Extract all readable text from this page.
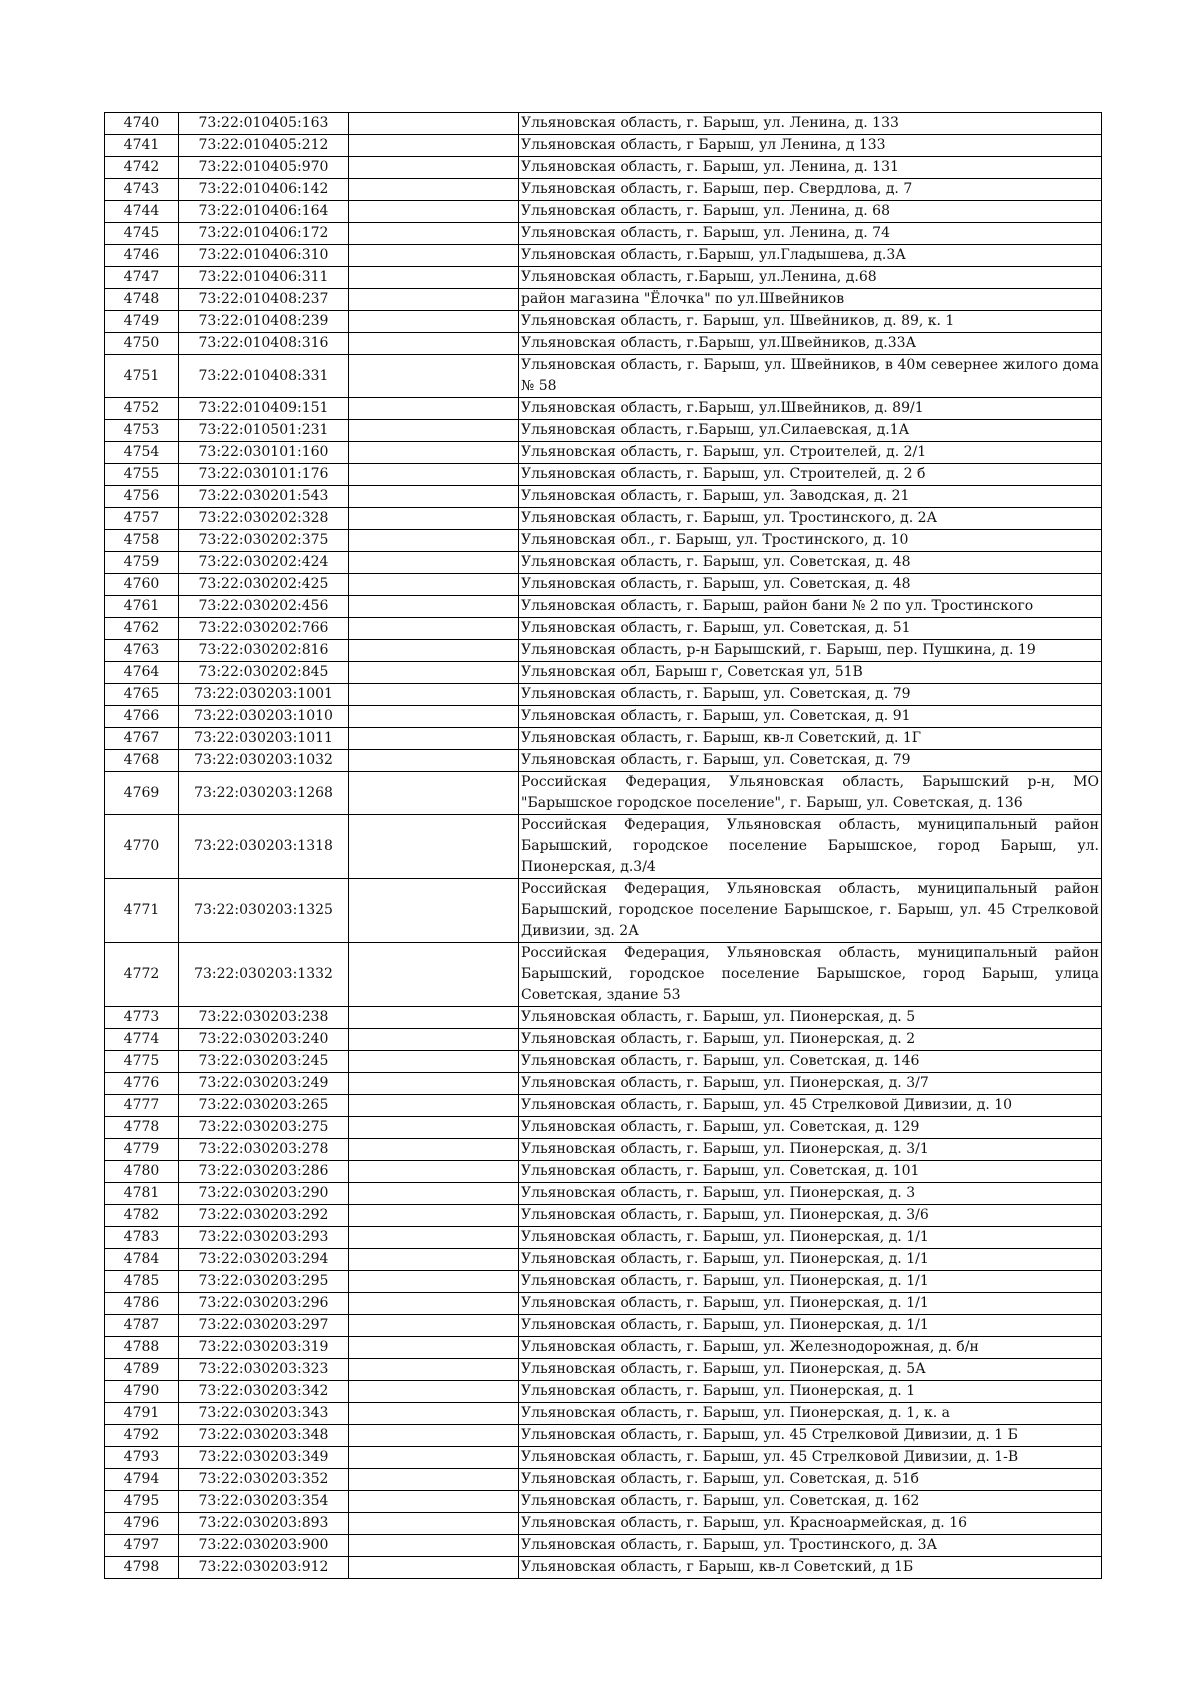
4740	73:22:010405:163		Ульяновская область, г. Барыш, ул. Ленина, д. 133
4741	73:22:010405:212		Ульяновская область, г Барыш, ул Ленина, д 133
4742	73:22:010405:970		Ульяновская область, г. Барыш, ул. Ленина, д. 131
4743	73:22:010406:142		Ульяновская область, г. Барыш, пер. Свердлова, д. 7
4744	73:22:010406:164		Ульяновская область, г. Барыш, ул. Ленина, д. 68
4745	73:22:010406:172		Ульяновская область, г. Барыш, ул. Ленина, д. 74
4746	73:22:010406:310		Ульяновская область, г.Барыш, ул.Гладышева, д.3А
4747	73:22:010406:311		Ульяновская область, г.Барыш, ул.Ленина, д.68
4748	73:22:010408:237		район магазина "Ёлочка" по ул.Швейников
4749	73:22:010408:239		Ульяновская область, г. Барыш, ул. Швейников, д. 89, к. 1
4750	73:22:010408:316		Ульяновская область, г.Барыш, ул.Швейников, д.33А
4751	73:22:010408:331		Ульяновская область, г. Барыш, ул. Швейников, в 40м севернее жилого дома № 58
4752	73:22:010409:151		Ульяновская область, г.Барыш, ул.Швейников, д. 89/1
4753	73:22:010501:231		Ульяновская область, г.Барыш, ул.Силаевская, д.1А
4754	73:22:030101:160		Ульяновская область, г. Барыш, ул. Строителей, д. 2/1
4755	73:22:030101:176		Ульяновская область, г. Барыш, ул. Строителей, д. 2 б
4756	73:22:030201:543		Ульяновская область, г. Барыш, ул. Заводская, д. 21
4757	73:22:030202:328		Ульяновская область, г. Барыш, ул. Тростинского, д. 2А
4758	73:22:030202:375		Ульяновская обл., г. Барыш, ул. Тростинского, д. 10
4759	73:22:030202:424		Ульяновская область, г. Барыш, ул. Советская, д. 48
4760	73:22:030202:425		Ульяновская область, г. Барыш, ул. Советская, д. 48
4761	73:22:030202:456		Ульяновская область, г. Барыш, район бани № 2 по ул. Тростинского
4762	73:22:030202:766		Ульяновская область, г. Барыш, ул. Советская, д. 51
4763	73:22:030202:816		Ульяновская область, р-н Барышский, г. Барыш, пер. Пушкина, д. 19
4764	73:22:030202:845		Ульяновская обл, Барыш г, Советская ул, 51В
4765	73:22:030203:1001		Ульяновская область, г. Барыш, ул. Советская, д. 79
4766	73:22:030203:1010		Ульяновская область, г. Барыш, ул. Советская, д. 91
4767	73:22:030203:1011		Ульяновская область, г. Барыш, кв-л Советский, д. 1Г
4768	73:22:030203:1032		Ульяновская область, г. Барыш, ул. Советская, д. 79
4769	73:22:030203:1268		Российская Федерация, Ульяновская область, Барышский р-н, МО "Барышское городское поселение", г. Барыш, ул. Советская, д. 136
4770	73:22:030203:1318		Российская Федерация, Ульяновская область, муниципальный район Барышский, городское поселение Барышское, город Барыш, ул. Пионерская, д.3/4
4771	73:22:030203:1325		Российская Федерация, Ульяновская область, муниципальный район Барышский, городское поселение Барышское, г. Барыш, ул. 45 Стрелковой Дивизии, зд. 2А
4772	73:22:030203:1332		Российская Федерация, Ульяновская область, муниципальный район Барышский, городское поселение Барышское, город Барыш, улица Советская, здание 53
4773	73:22:030203:238		Ульяновская область, г. Барыш, ул. Пионерская, д. 5
4774	73:22:030203:240		Ульяновская область, г. Барыш, ул. Пионерская, д. 2
4775	73:22:030203:245		Ульяновская область, г. Барыш, ул. Советская, д. 146
4776	73:22:030203:249		Ульяновская область, г. Барыш, ул. Пионерская, д. 3/7
4777	73:22:030203:265		Ульяновская область, г. Барыш, ул. 45 Стрелковой Дивизии, д. 10
4778	73:22:030203:275		Ульяновская область, г. Барыш, ул. Советская, д. 129
4779	73:22:030203:278		Ульяновская область, г. Барыш, ул. Пионерская, д. 3/1
4780	73:22:030203:286		Ульяновская область, г. Барыш, ул. Советская, д. 101
4781	73:22:030203:290		Ульяновская область, г. Барыш, ул. Пионерская, д. 3
4782	73:22:030203:292		Ульяновская область, г. Барыш, ул. Пионерская, д. 3/6
4783	73:22:030203:293		Ульяновская область, г. Барыш, ул. Пионерская, д. 1/1
4784	73:22:030203:294		Ульяновская область, г. Барыш, ул. Пионерская, д. 1/1
4785	73:22:030203:295		Ульяновская область, г. Барыш, ул. Пионерская, д. 1/1
4786	73:22:030203:296		Ульяновская область, г. Барыш, ул. Пионерская, д. 1/1
4787	73:22:030203:297		Ульяновская область, г. Барыш, ул. Пионерская, д. 1/1
4788	73:22:030203:319		Ульяновская область, г. Барыш, ул. Железнодорожная, д. б/н
4789	73:22:030203:323		Ульяновская область, г. Барыш, ул. Пионерская, д. 5А
4790	73:22:030203:342		Ульяновская область, г. Барыш, ул. Пионерская, д. 1
4791	73:22:030203:343		Ульяновская область, г. Барыш, ул. Пионерская, д. 1, к. а
4792	73:22:030203:348		Ульяновская область, г. Барыш, ул. 45 Стрелковой Дивизии, д. 1 Б
4793	73:22:030203:349		Ульяновская область, г. Барыш, ул. 45 Стрелковой Дивизии, д. 1-В
4794	73:22:030203:352		Ульяновская область, г. Барыш, ул. Советская, д. 51б
4795	73:22:030203:354		Ульяновская область, г. Барыш, ул. Советская, д. 162
4796	73:22:030203:893		Ульяновская область, г. Барыш, ул. Красноармейская, д. 16
4797	73:22:030203:900		Ульяновская область, г. Барыш, ул. Тростинского, д. 3А
4798	73:22:030203:912		Ульяновская область, г Барыш, кв-л Советский, д 1Б
